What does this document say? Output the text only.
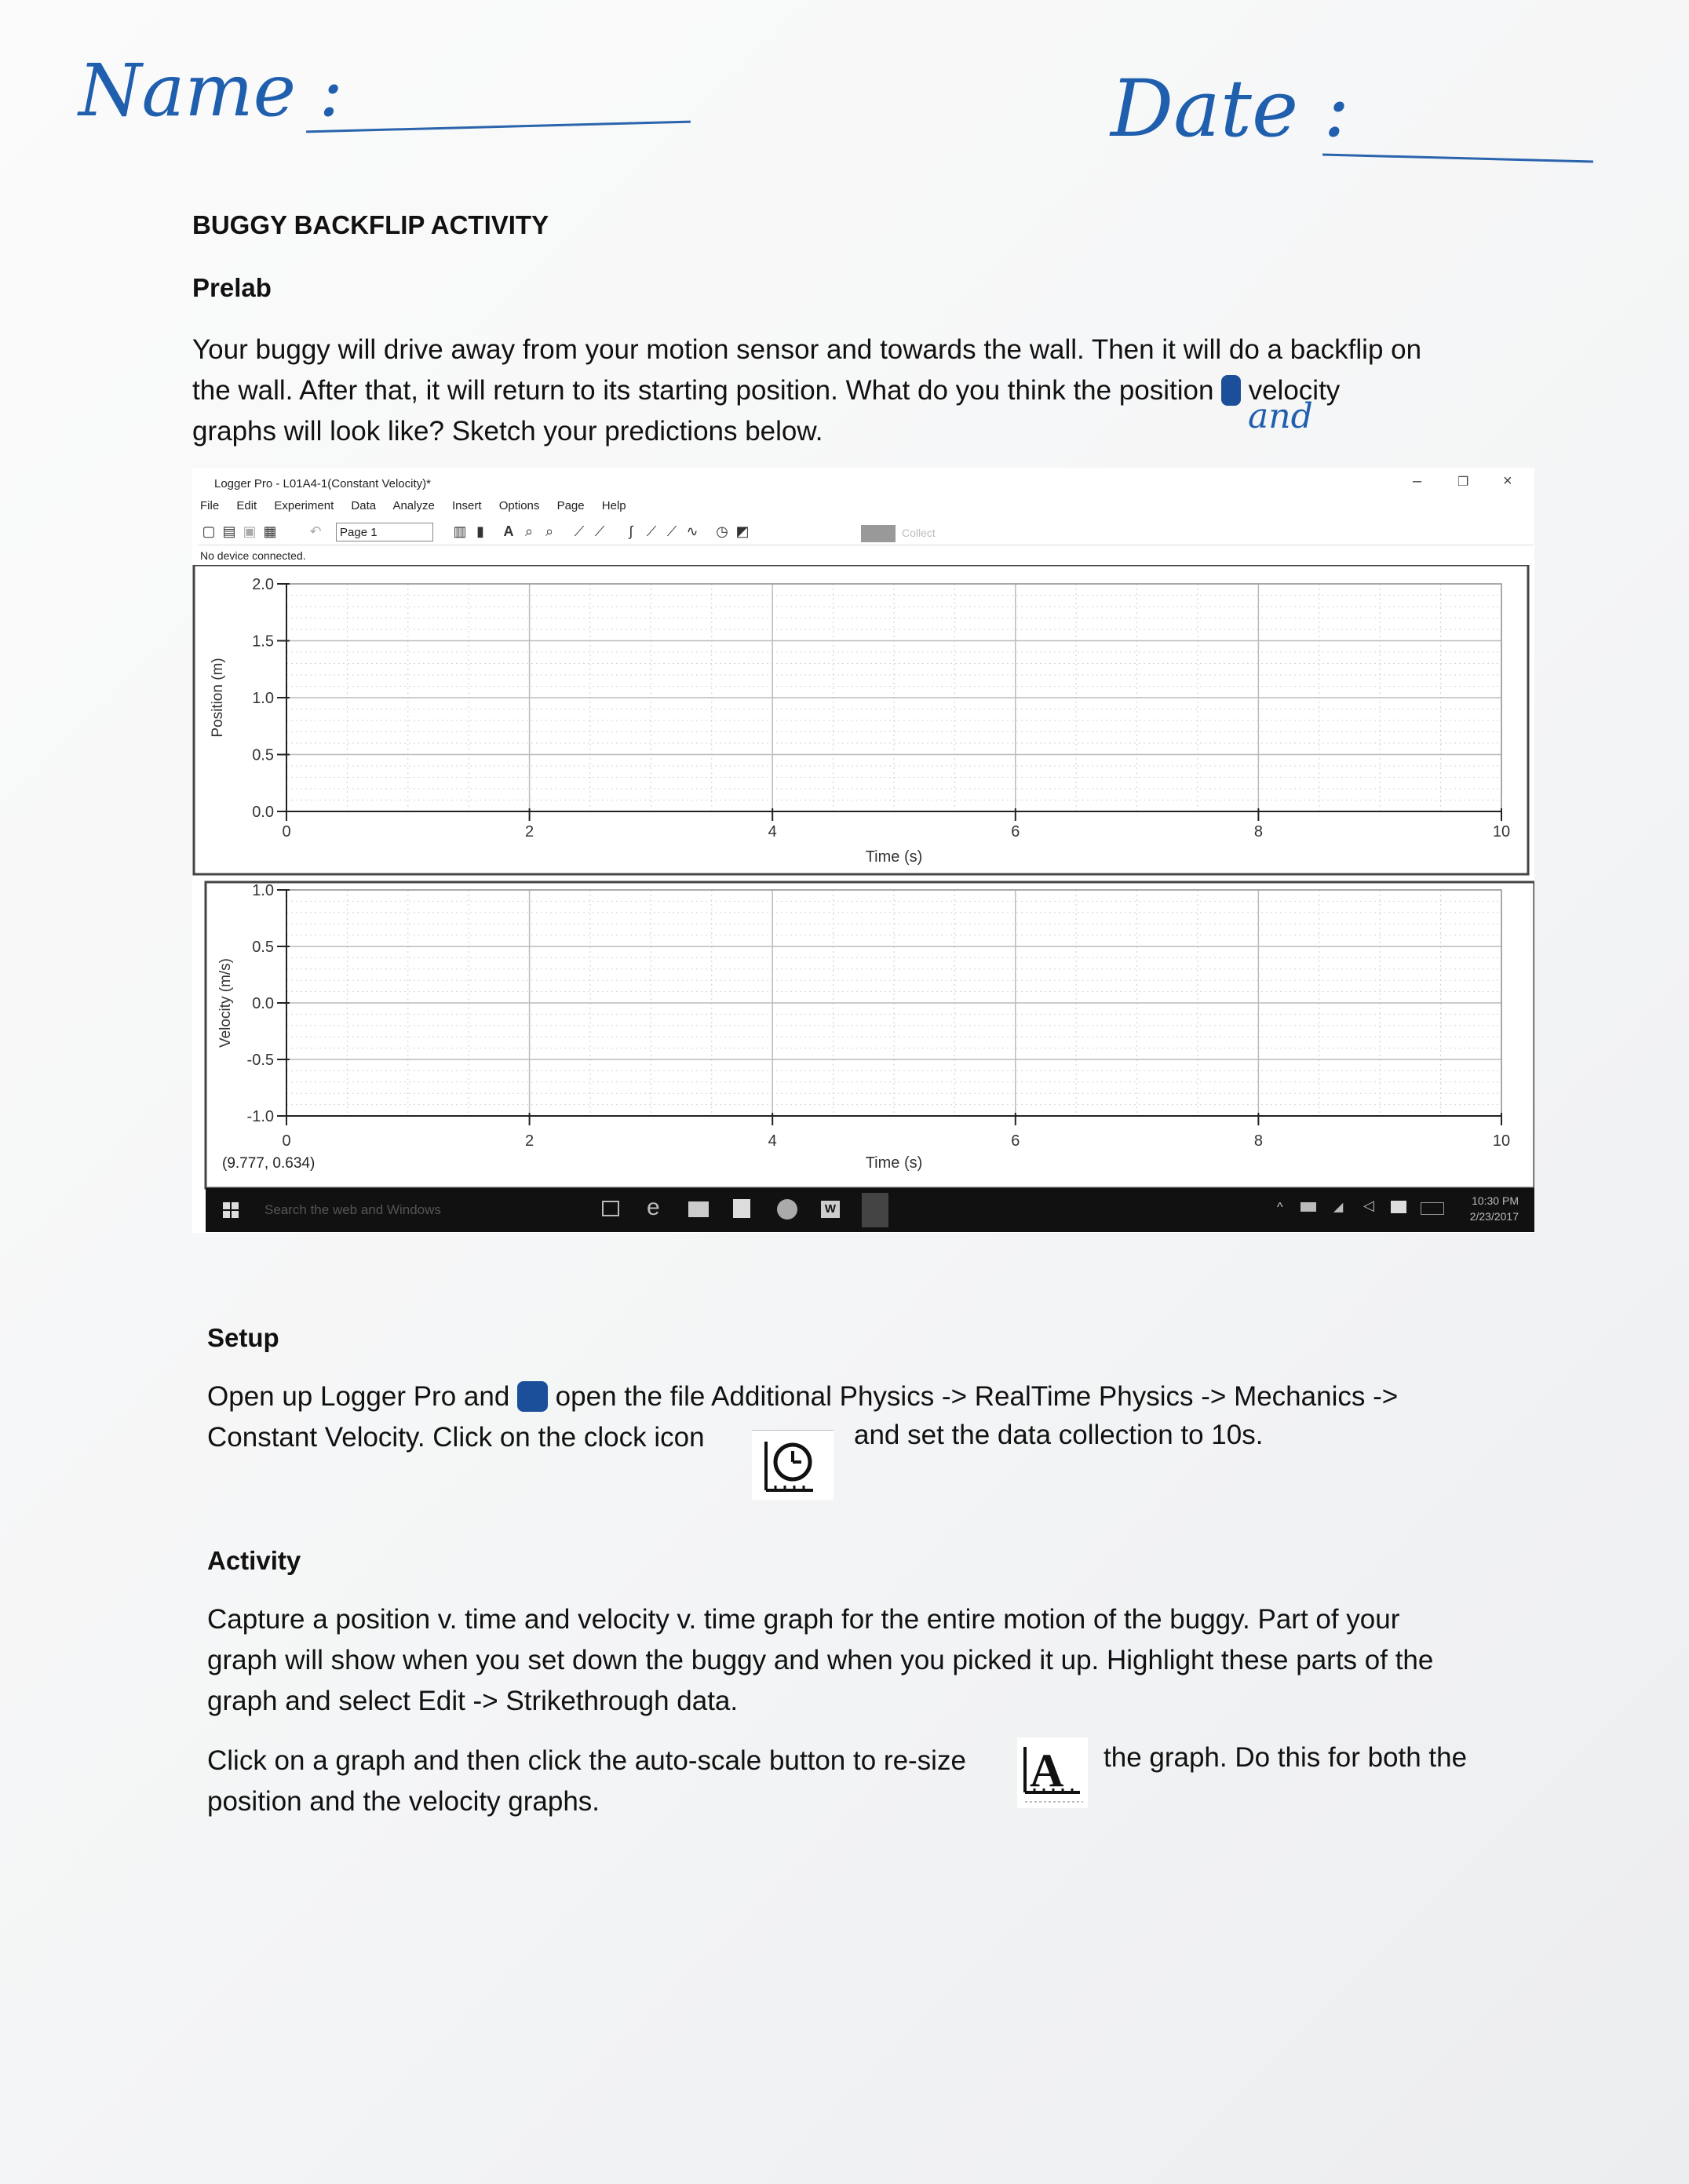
Name :	Date :
BUGGY BACKFLIP ACTIVITY
Prelab
Your buggy will drive away from your motion sensor and towards the wall. Then it will do a backflip on
the wall. After that, it will return to its starting position. What do you think the position v. velocity
graphs will look like? Sketch your predictions below.	and
Logger Pro - L01A4-1(Constant Velocity)*	–	❐ ×
File Edit Experiment Data Analyze Insert Options Page Help
▢ ▤ ▣ ▦ ↶	▥ ▮	A ⌕ ⌕	⟋ ⟋	∫ ⟋ ⟋ ∿ ◷ ◩
Page 1	Collect
No device connected.
2.0
1.5
1.0
0.5
0.0
0	2	4	6	8	10
Time (s)
Position (m)
1.0
0.5
0.0
-0.5
-1.0
0	2	4	6	8	10
Time (s)
Velocity (m/s)
(9.777, 0.634)
Search the web and Windows	e	W	^	◢ ◁	10:30 PM
2/23/2017
Setup
Open up Logger Pro and do open the file Additional Physics -> RealTime Physics -> Mechanics ->
Constant Velocity. Click on the clock icon	and set the data collection to 10s.
Activity
Capture a position v. time and velocity v. time graph for the entire motion of the buggy. Part of your
graph will show when you set down the buggy and when you picked it up. Highlight these parts of the
graph and select Edit -> Strikethrough data.
Click on a graph and then click the auto-scale button to re-size	the graph. Do this for both the
position and the velocity graphs.
A
